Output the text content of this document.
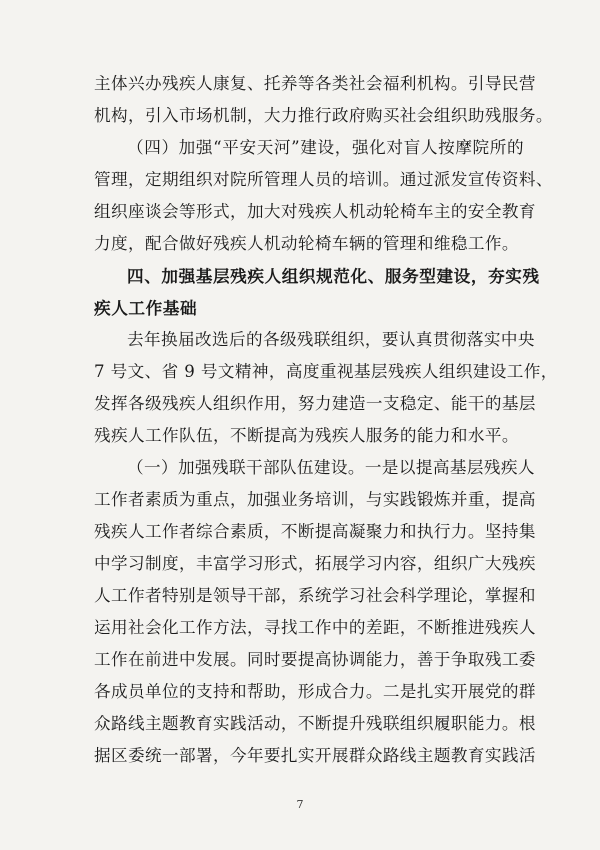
主体兴办残疾人康复、托养等各类社会福利机构。引导民营
机构，引入市场机制，大力推行政府购买社会组织助残服务。
（四）加强“平安天河”建设，强化对盲人按摩院所的
管理，定期组织对院所管理人员的培训。通过派发宣传资料、
组织座谈会等形式，加大对残疾人机动轮椅车主的安全教育
力度，配合做好残疾人机动轮椅车辆的管理和维稳工作。
四、加强基层残疾人组织规范化、服务型建设，夯实残
疾人工作基础
去年换届改选后的各级残联组织，要认真贯彻落实中央
7 号文、省 9 号文精神，高度重视基层残疾人组织建设工作，
发挥各级残疾人组织作用，努力建造一支稳定、能干的基层
残疾人工作队伍，不断提高为残疾人服务的能力和水平。
（一）加强残联干部队伍建设。一是以提高基层残疾人
工作者素质为重点，加强业务培训，与实践锻炼并重，提高
残疾人工作者综合素质，不断提高凝聚力和执行力。坚持集
中学习制度，丰富学习形式，拓展学习内容，组织广大残疾
人工作者特别是领导干部，系统学习社会科学理论，掌握和
运用社会化工作方法，寻找工作中的差距，不断推进残疾人
工作在前进中发展。同时要提高协调能力，善于争取残工委
各成员单位的支持和帮助，形成合力。二是扎实开展党的群
众路线主题教育实践活动，不断提升残联组织履职能力。根
据区委统一部署，今年要扎实开展群众路线主题教育实践活
7
